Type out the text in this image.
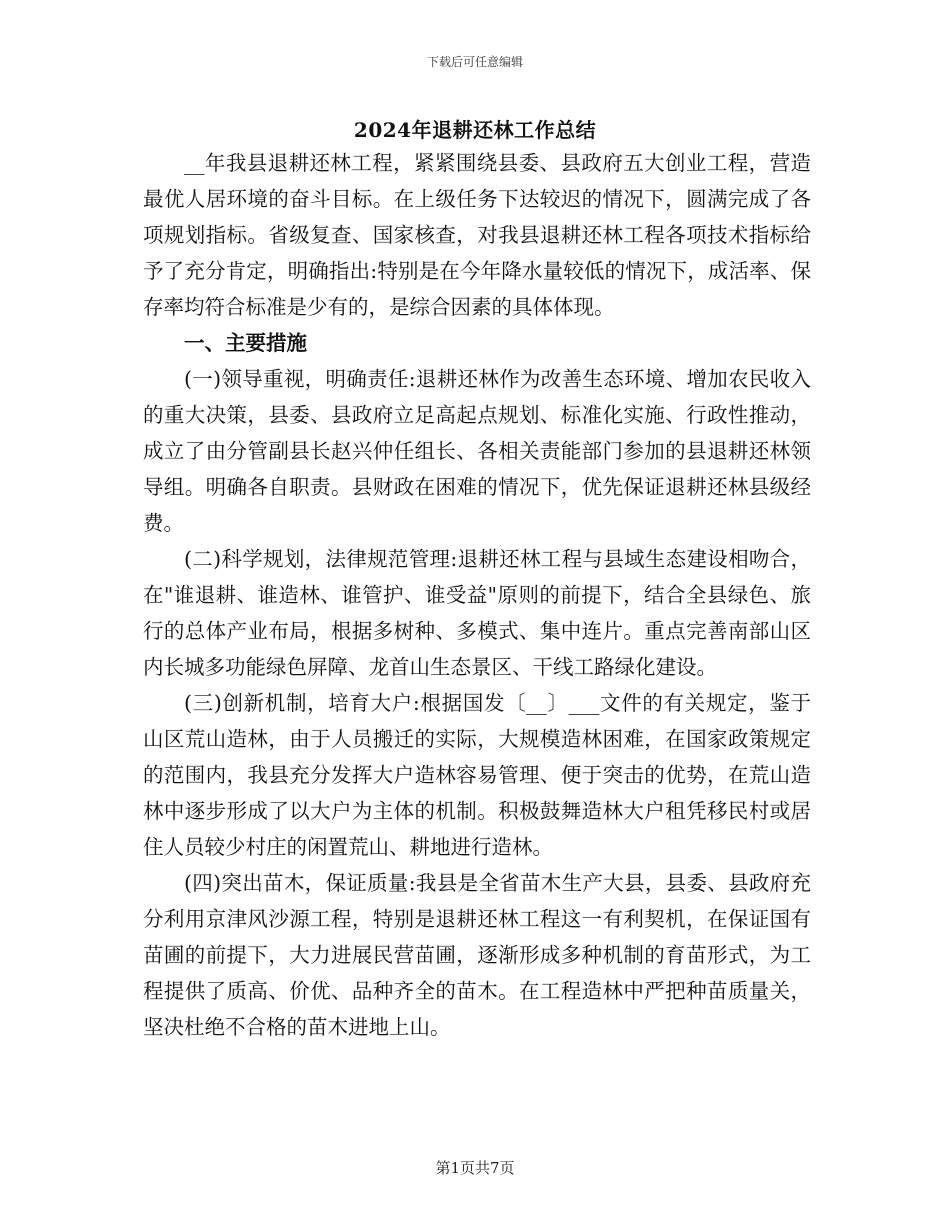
下载后可任意编辑
2024年退耕还林工作总结

__年我县退耕还林工程，紧紧围绕县委、县政府五大创业工程，营造最优人居环境的奋斗目标。在上级任务下达较迟的情况下，圆满完成了各项规划指标。省级复查、国家核查，对我县退耕还林工程各项技术指标给予了充分肯定，明确指出:特别是在今年降水量较低的情况下，成活率、保存率均符合标准是少有的，是综合因素的具体体现。

一、主要措施

(一)领导重视，明确责任:退耕还林作为改善生态环境、增加农民收入的重大决策，县委、县政府立足高起点规划、标准化实施、行政性推动，成立了由分管副县长赵兴仲任组长、各相关责能部门参加的县退耕还林领导组。明确各自职责。县财政在困难的情况下，优先保证退耕还林县级经费。

(二)科学规划，法律规范管理:退耕还林工程与县域生态建设相吻合，在"谁退耕、谁造林、谁管护、谁受益"原则的前提下，结合全县绿色、旅行的总体产业布局，根据多树种、多模式、集中连片。重点完善南部山区内长城多功能绿色屏障、龙首山生态景区、干线工路绿化建设。

(三)创新机制，培育大户:根据国发〔__〕___文件的有关规定，鉴于山区荒山造林，由于人员搬迁的实际，大规模造林困难，在国家政策规定的范围内，我县充分发挥大户造林容易管理、便于突击的优势，在荒山造林中逐步形成了以大户为主体的机制。积极鼓舞造林大户租凭移民村或居住人员较少村庄的闲置荒山、耕地进行造林。

(四)突出苗木，保证质量:我县是全省苗木生产大县，县委、县政府充分利用京津风沙源工程，特别是退耕还林工程这一有利契机，在保证国有苗圃的前提下，大力进展民营苗圃，逐渐形成多种机制的育苗形式，为工程提供了质高、价优、品种齐全的苗木。在工程造林中严把种苗质量关，坚决杜绝不合格的苗木进地上山。

第1页共7页
